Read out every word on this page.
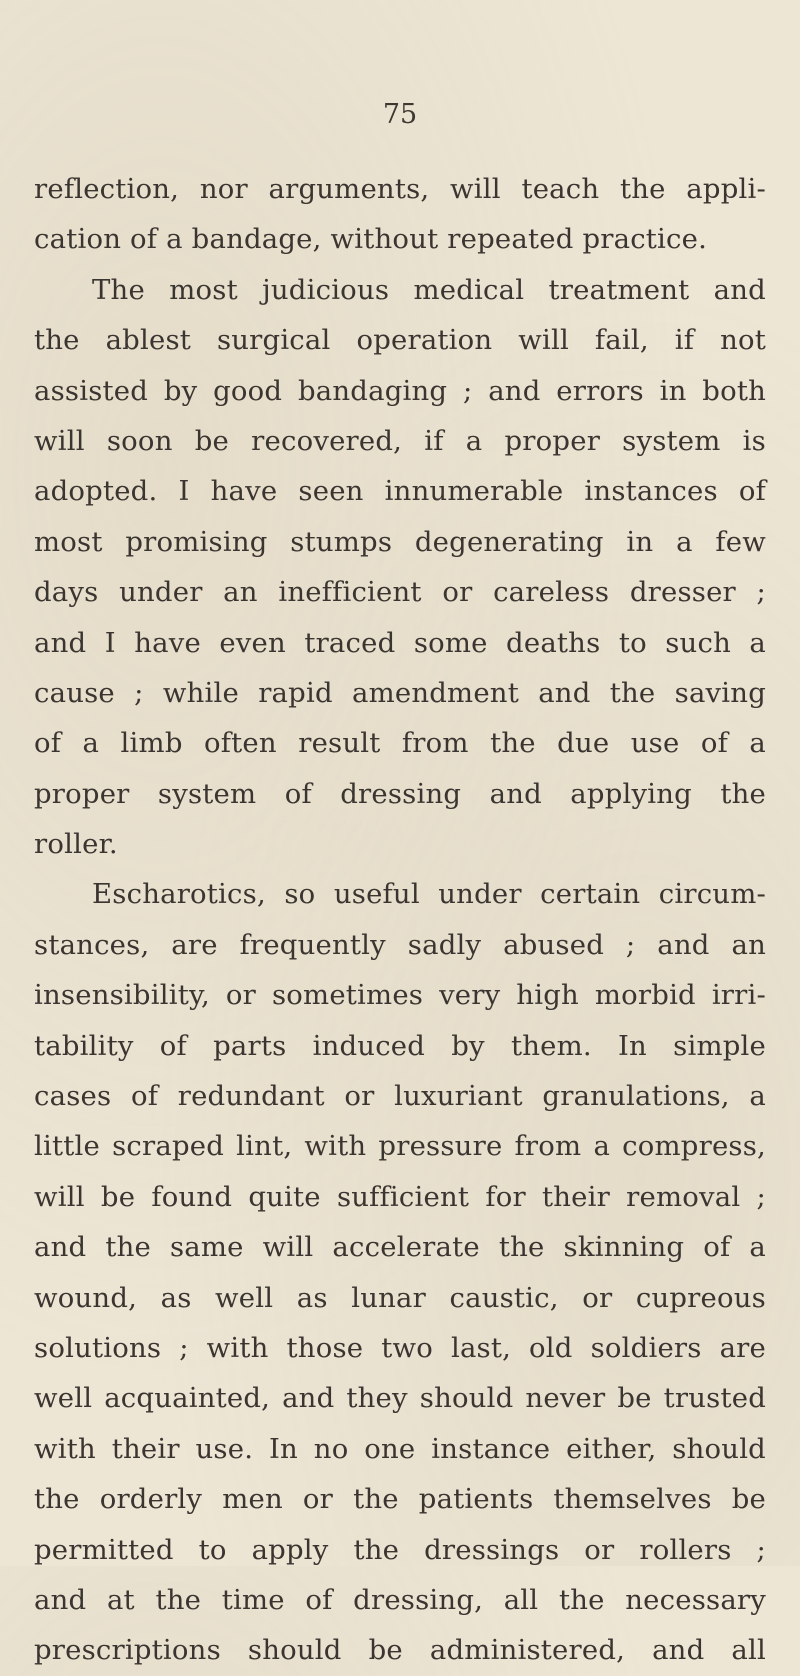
75
reflection, nor arguments, will teach the appli-
cation of a bandage, without repeated practice.
The most judicious medical treatment and
the ablest surgical operation will fail, if not
assisted by good bandaging ; and errors in both
will soon be recovered, if a proper system is
adopted. I have seen innumerable instances of
most promising stumps degenerating in a few
days under an inefficient or careless dresser ;
and I have even traced some deaths to such a
cause ; while rapid amendment and the saving
of a limb often result from the due use of a
proper system of dressing and applying the
roller.
Escharotics, so useful under certain circum-
stances, are frequently sadly abused ; and an
insensibility, or sometimes very high morbid irri-
tability of parts induced by them. In simple
cases of redundant or luxuriant granulations, a
little scraped lint, with pressure from a compress,
will be found quite sufficient for their removal ;
and the same will accelerate the skinning of a
wound, as well as lunar caustic, or cupreous
solutions ; with those two last, old soldiers are
well acquainted, and they should never be trusted
with their use. In no one instance either, should
the orderly men or the patients themselves be
permitted to apply the dressings or rollers ;
and at the time of dressing, all the necessary
prescriptions should be administered, and all
